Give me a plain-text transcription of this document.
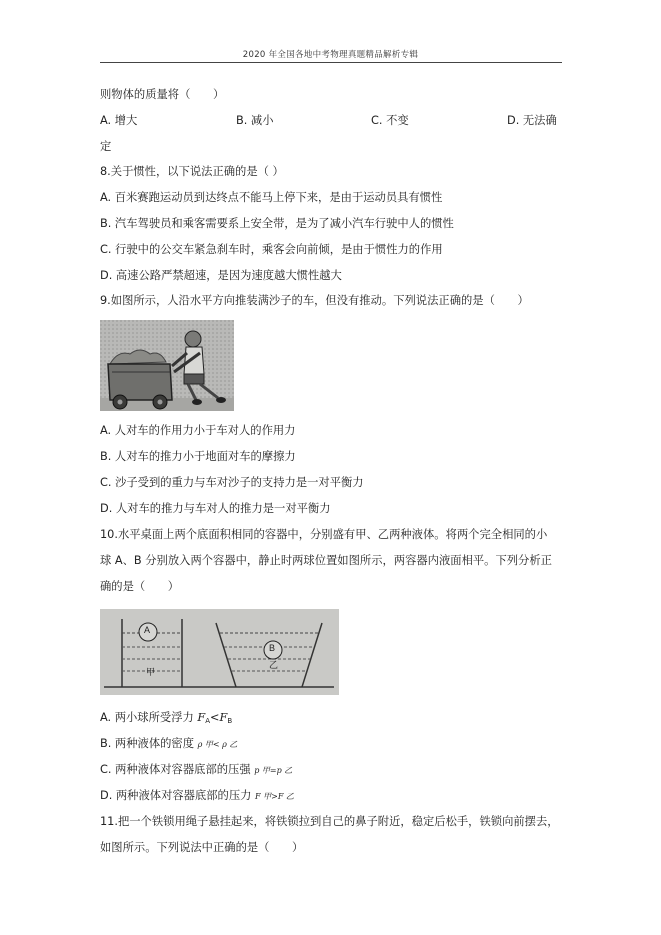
2020 年全国各地中考物理真题精品解析专辑
则物体的质量将（　　）
A. 增大	B. 减小	C. 不变	D. 无法确
定
8.关于惯性，以下说法正确的是（ ）
A. 百米赛跑运动员到达终点不能马上停下来，是由于运动员具有惯性
B. 汽车驾驶员和乘客需要系上安全带，是为了减小汽车行驶中人的惯性
C. 行驶中的公交车紧急刹车时，乘客会向前倾，是由于惯性力的作用
D. 高速公路严禁超速，是因为速度越大惯性越大
9.如图所示，人沿水平方向推装满沙子的车，但没有推动。下列说法正确的是（　　）
A. 人对车的作用力小于车对人的作用力
B. 人对车的推力小于地面对车的摩擦力
C. 沙子受到的重力与车对沙子的支持力是一对平衡力
D. 人对车的推力与车对人的推力是一对平衡力
10.水平桌面上两个底面积相同的容器中，分别盛有甲、乙两种液体。将两个完全相同的小
球 A、B 分别放入两个容器中，静止时两球位置如图所示，两容器内液面相平。下列分析正
确的是（　　）
A
B
甲
乙
A. 两小球所受浮力 $F_A<F_B$
B. 两种液体的密度 ρ 甲< ρ 乙
C. 两种液体对容器底部的压强 p 甲=p 乙
D. 两种液体对容器底部的压力 F 甲>F 乙
11.把一个铁锁用绳子悬挂起来，将铁锁拉到自己的鼻子附近，稳定后松手，铁锁向前摆去，
如图所示。下列说法中正确的是（　　）
